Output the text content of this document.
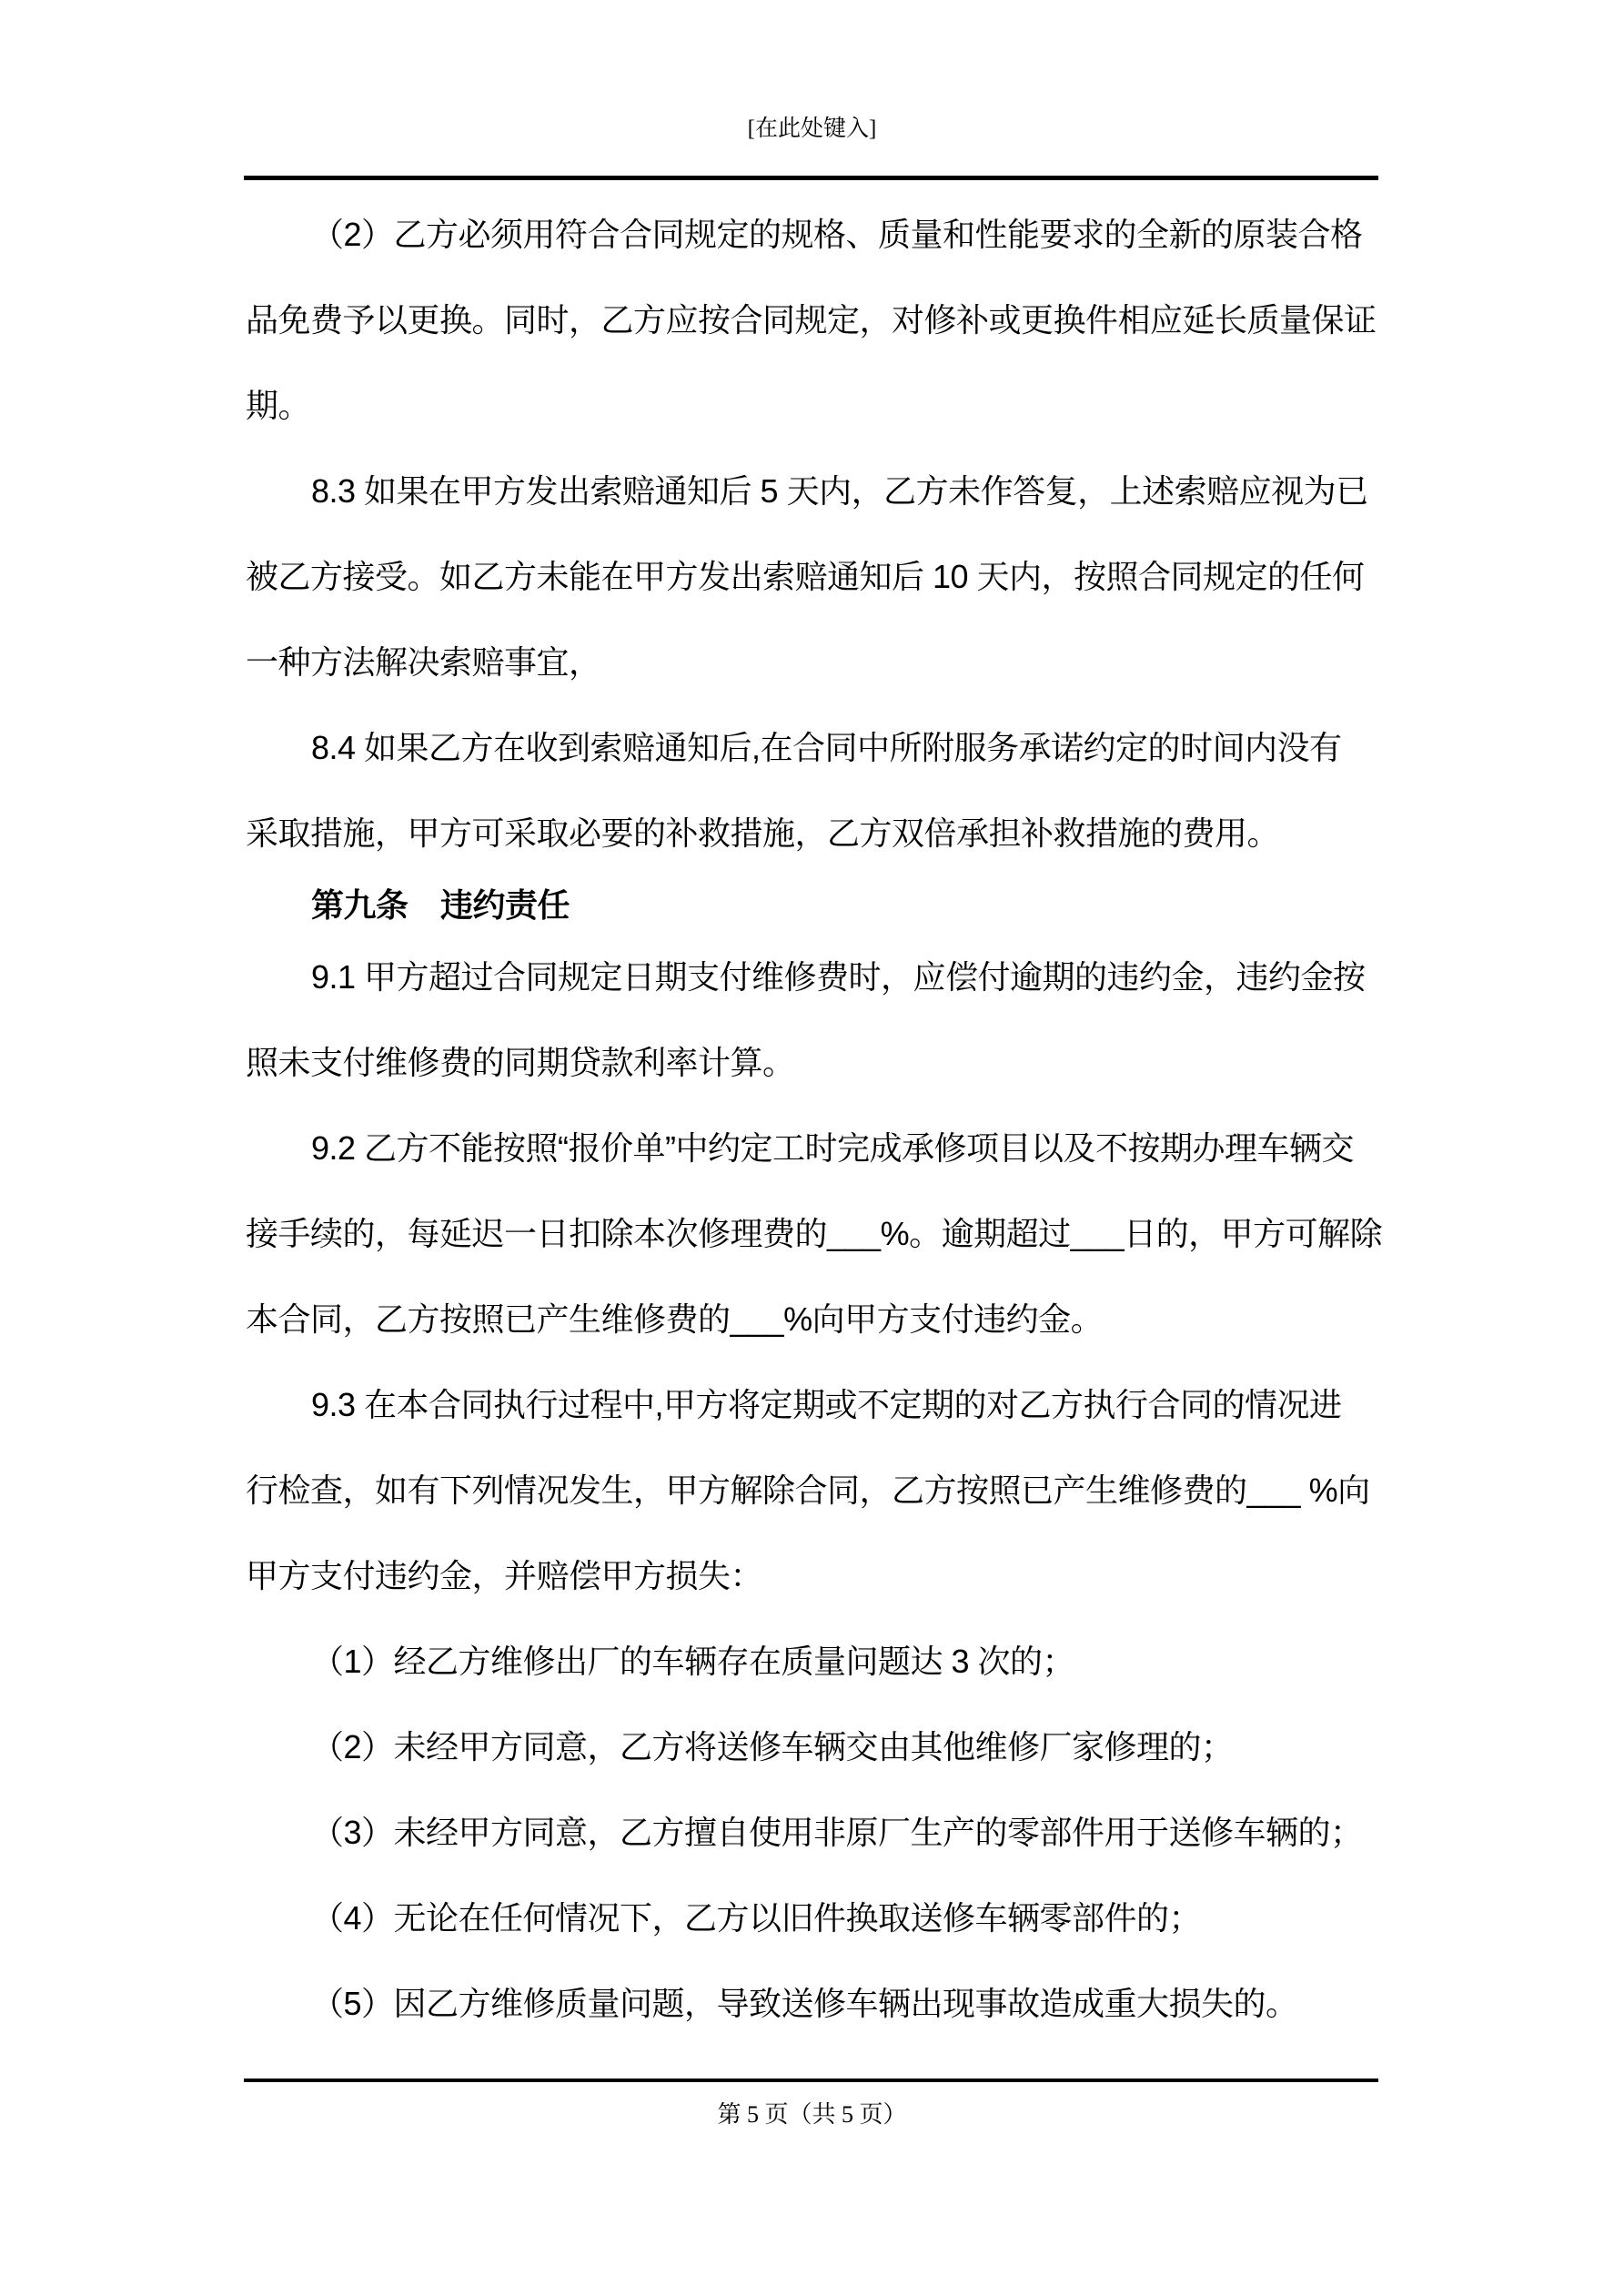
[在此处键入]

（2）乙方必须用符合合同规定的规格、质量和性能要求的全新的原装合格
品免费予以更换。同时，乙方应按合同规定，对修补或更换件相应延长质量保证
期。

8.3 如果在甲方发出索赔通知后 5 天内，乙方未作答复，上述索赔应视为已
被乙方接受。如乙方未能在甲方发出索赔通知后 10 天内，按照合同规定的任何
一种方法解决索赔事宜，

8.4 如果乙方在收到索赔通知后,在合同中所附服务承诺约定的时间内没有
采取措施，甲方可采取必要的补救措施，乙方双倍承担补救措施的费用。

第九条　违约责任

9.1 甲方超过合同规定日期支付维修费时，应偿付逾期的违约金，违约金按
照未支付维修费的同期贷款利率计算。

9.2 乙方不能按照“报价单”中约定工时完成承修项目以及不按期办理车辆交
接手续的，每延迟一日扣除本次修理费的___%。逾期超过___日的，甲方可解除
本合同，乙方按照已产生维修费的___%向甲方支付违约金。

9.3 在本合同执行过程中,甲方将定期或不定期的对乙方执行合同的情况进
行检查，如有下列情况发生，甲方解除合同，乙方按照已产生维修费的___ %向
甲方支付违约金，并赔偿甲方损失：

（1）经乙方维修出厂的车辆存在质量问题达 3 次的；

（2）未经甲方同意，乙方将送修车辆交由其他维修厂家修理的；

（3）未经甲方同意，乙方擅自使用非原厂生产的零部件用于送修车辆的；

（4）无论在任何情况下，乙方以旧件换取送修车辆零部件的；

（5）因乙方维修质量问题，导致送修车辆出现事故造成重大损失的。

第 5 页（共 5 页）
